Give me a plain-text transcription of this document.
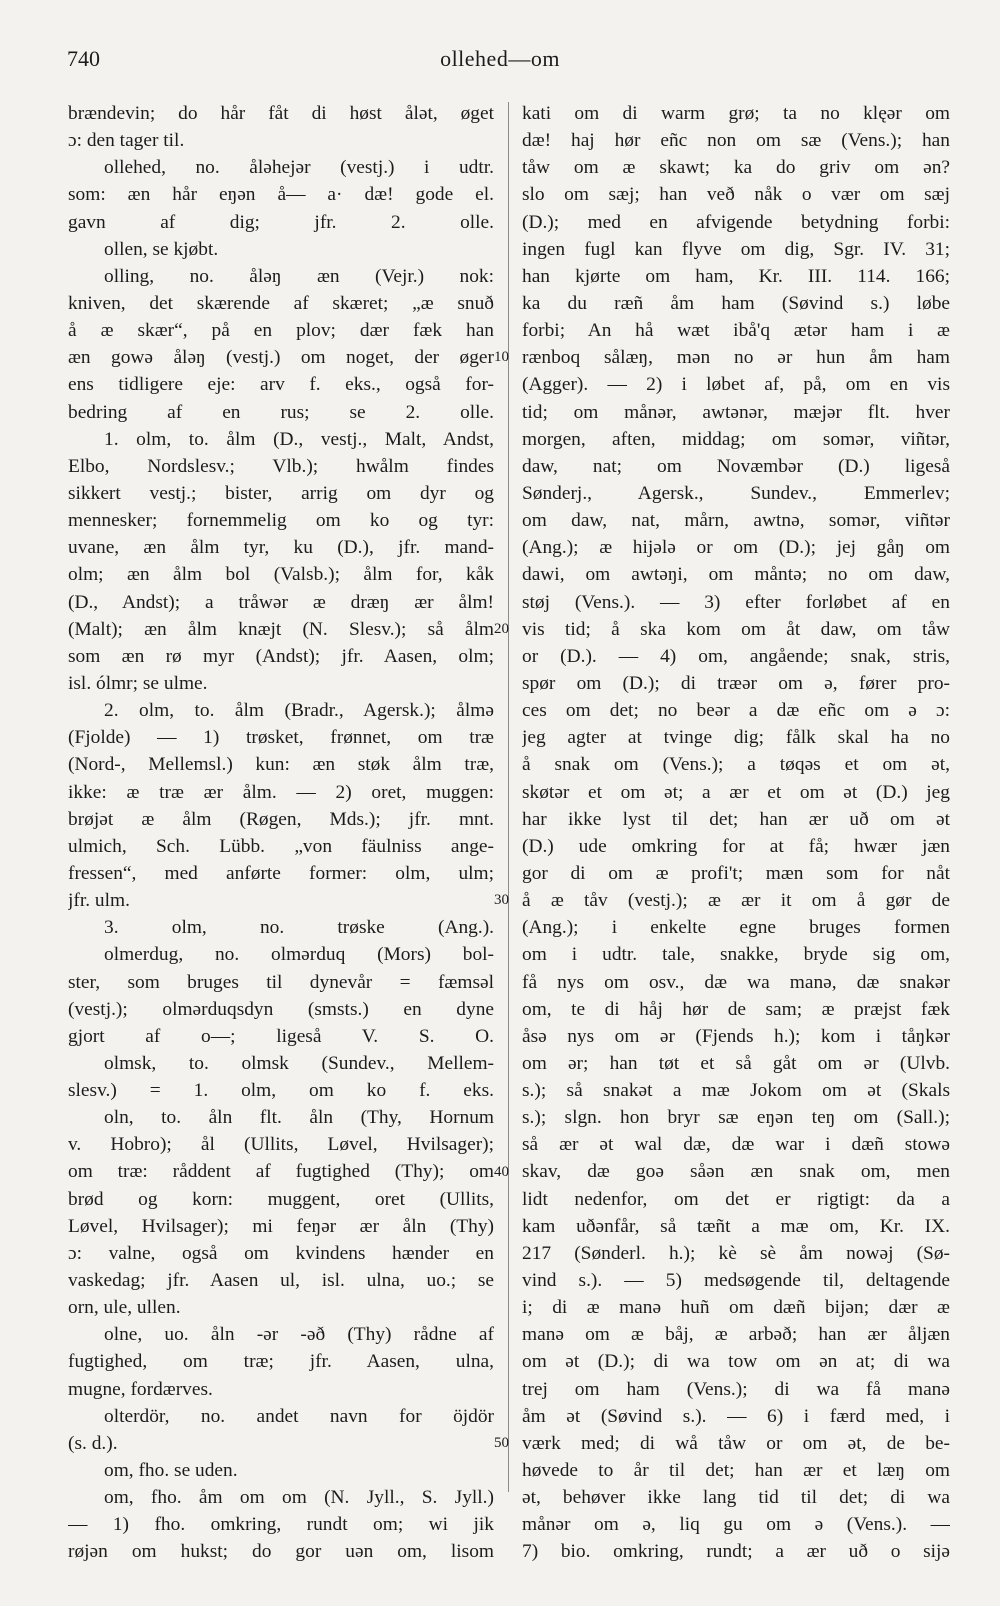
740	ollehed—om
brændevin; do hår fåt di høst ålət, øget
ɔ: den tager til.
ollehed, no. åləhejər (vestj.) i udtr.
som: æn hår eŋən å— a· dæ! gode el.
gavn af dig; jfr. 2. olle.
ollen, se kjøbt.
olling, no. åləŋ æn (Vejr.) nok:
kniven, det skærende af skæret; „æ snuð
å æ skær“, på en plov; dær fæk han
æn gowə åləŋ (vestj.) om noget, der øger
ens tidligere eje: arv f. eks., også for-
bedring af en rus; se 2. olle.
1. olm, to. ålm (D., vestj., Malt, Andst,
Elbo, Nordslesv.; Vlb.); hwålm findes
sikkert vestj.; bister, arrig om dyr og
mennesker; fornemmelig om ko og tyr:
uvane, æn ålm tyr, ku (D.), jfr. mand-
olm; æn ålm bol (Valsb.); ålm for, kåk
(D., Andst); a tråwər æ dræŋ ær ålm!
(Malt); æn ålm knæjt (N. Slesv.); så ålm
som æn rø myr (Andst); jfr. Aasen, olm;
isl. ólmr; se ulme.
2. olm, to. ålm (Bradr., Agersk.); ålmə
(Fjolde) — 1) trøsket, frønnet, om træ
(Nord-, Mellemsl.) kun: æn støk ålm træ,
ikke: æ træ ær ålm. — 2) oret, muggen:
brøjət æ ålm (Røgen, Mds.); jfr. mnt.
ulmich, Sch. Lübb. „von fäulniss ange-
fressen“, med anførte former: olm, ulm;
jfr. ulm.
3. olm, no. trøske (Ang.).
olmerdug, no. olmərduq (Mors) bol-
ster, som bruges til dynevår = fæmsəl
(vestj.); olmərduqsdyn (smsts.) en dyne
gjort af o—; ligeså V. S. O.
olmsk, to. olmsk (Sundev., Mellem-
slesv.) = 1. olm, om ko f. eks.
oln, to. åln flt. åln (Thy, Hornum
v. Hobro); ål (Ullits, Løvel, Hvilsager);
om træ: råddent af fugtighed (Thy); om
brød og korn: muggent, oret (Ullits,
Løvel, Hvilsager); mi feŋər ær åln (Thy)
ɔ: valne, også om kvindens hænder en
vaskedag; jfr. Aasen ul, isl. ulna, uo.; se
orn, ule, ullen.
olne, uo. åln -ər -əð (Thy) rådne af
fugtighed, om træ; jfr. Aasen, ulna,
mugne, fordærves.
olterdör, no. andet navn for öjdör
(s. d.).
om, fho. se uden.
om, fho. åm om om (N. Jyll., S. Jyll.)
— 1) fho. omkring, rundt om; wi jik
røjən om hukst; do gor uən om, lisom
kati om di warm grø; ta no klęər om
dæ! haj hør eñc non om sæ (Vens.); han
tåw om æ skawt; ka do griv om ən?
slo om sæj; han veð nåk o vær om sæj
(D.); med en afvigende betydning forbi:
ingen fugl kan flyve om dig, Sgr. IV. 31;
han kjørte om ham, Kr. III. 114. 166;
ka du ræñ åm ham (Søvind s.) løbe
forbi; An hå wæt ibå'q ætər ham i æ
rænboq sålæŋ, mən no ər hun åm ham
(Agger). — 2) i løbet af, på, om en vis
tid; om månər, awtənər, mæjər flt. hver
morgen, aften, middag; om somər, viñtər,
daw, nat; om Novæmbər (D.) ligeså
Sønderj., Agersk., Sundev., Emmerlev;
om daw, nat, mårn, awtnə, somər, viñtər
(Ang.); æ hijələ or om (D.); jej gåŋ om
dawi, om awtəŋi, om måntə; no om daw,
støj (Vens.). — 3) efter forløbet af en
vis tid; å ska kom om åt daw, om tåw
or (D.). — 4) om, angående; snak, stris,
spør om (D.); di træər om ə, fører pro-
ces om det; no beər a dæ eñc om ə ɔ:
jeg agter at tvinge dig; fålk skal ha no
å snak om (Vens.); a tøqəs et om ət,
skøtər et om ət; a ær et om ət (D.) jeg
har ikke lyst til det; han ær uð om ət
(D.) ude omkring for at få; hwær jæn
gor di om æ profi't; mæn som for nåt
å æ tåv (vestj.); æ ær it om å gør de
(Ang.); i enkelte egne bruges formen
om i udtr. tale, snakke, bryde sig om,
få nys om osv., dæ wa manə, dæ snakər
om, te di håj hør de sam; æ præjst fæk
åsə nys om ər (Fjends h.); kom i tåŋkər
om ər; han tøt et så gåt om ər (Ulvb.
s.); så snakət a mæ Jokom om ət (Skals
s.); slgn. hon bryr sæ eŋən teŋ om (Sall.);
så ær ət wal dæ, dæ war i dæñ stowə
skav, dæ goə såən æn snak om, men
lidt nedenfor, om det er rigtigt: da a
kam uðənfår, så tæñt a mæ om, Kr. IX.
217 (Sønderl. h.); kè sè åm nowəj (Sø-
vind s.). — 5) medsøgende til, deltagende
i; di æ manə huñ om dæñ bijən; dær æ
manə om æ båj, æ arbəð; han ær åljæn
om ət (D.); di wa tow om ən at; di wa
trej om ham (Vens.); di wa få manə
åm ət (Søvind s.). — 6) i færd med, i
værk med; di wå tåw or om ət, de be-
høvede to år til det; han ær et læŋ om
ət, behøver ikke lang tid til det; di wa
månər om ə, liq gu om ə (Vens.). —
7) bio. omkring, rundt; a ær uð o sijə
10
20
30
40
50
